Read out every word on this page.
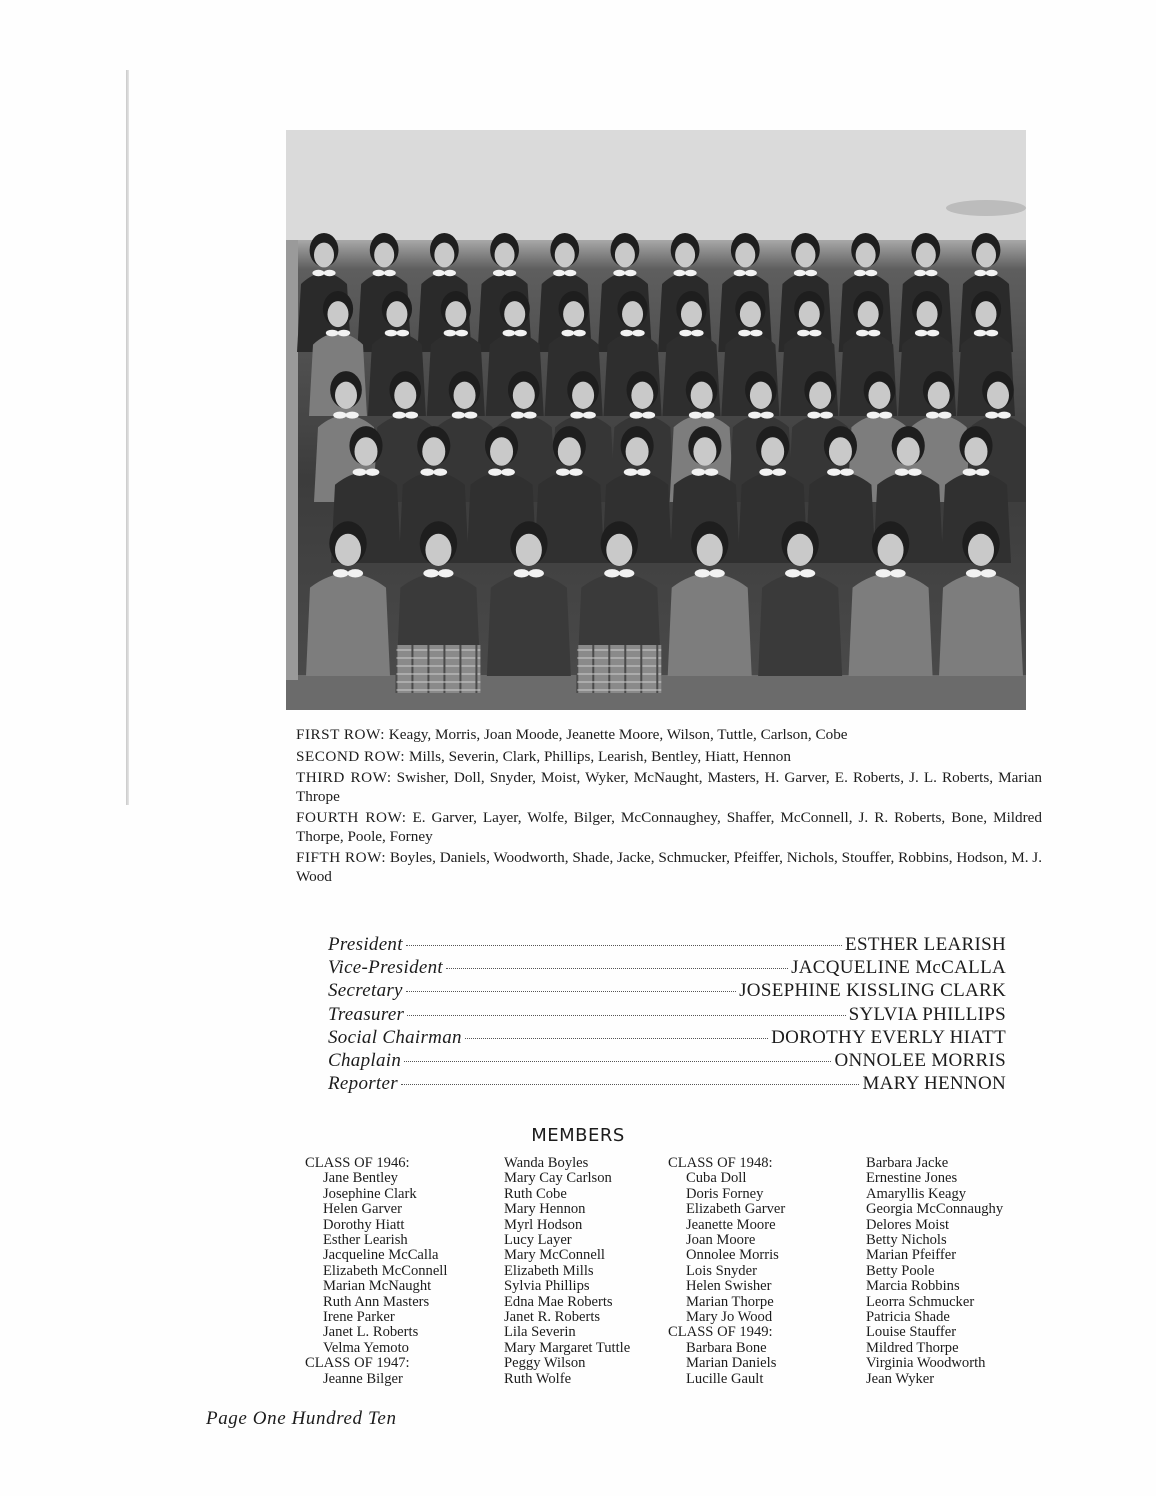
FIRST ROW: Keagy, Morris, Joan Moode, Jeanette Moore, Wilson, Tuttle, Carlson, Cobe

SECOND ROW: Mills, Severin, Clark, Phillips, Learish, Bentley, Hiatt, Hennon

THIRD ROW: Swisher, Doll, Snyder, Moist, Wyker, McNaught, Masters, H. Garver, E. Roberts, J. L. Roberts, Marian Thrope

FOURTH ROW: E. Garver, Layer, Wolfe, Bilger, McConnaughey, Shaffer, McConnell, J. R. Roberts, Bone, Mildred Thorpe, Poole, Forney

FIFTH ROW: Boyles, Daniels, Woodworth, Shade, Jacke, Schmucker, Pfeiffer, Nichols, Stouffer, Robbins, Hodson, M. J. Wood

President	ESTHER LEARISH
Vice-President	JACQUELINE McCALLA
Secretary	JOSEPHINE KISSLING CLARK
Treasurer	SYLVIA PHILLIPS
Social Chairman	DOROTHY EVERLY HIATT
Chaplain	ONNOLEE MORRIS
Reporter	MARY HENNON
MEMBERS
CLASS OF 1946:
Jane Bentley
Josephine Clark
Helen Garver
Dorothy Hiatt
Esther Learish
Jacqueline McCalla
Elizabeth McConnell
Marian McNaught
Ruth Ann Masters
Irene Parker
Janet L. Roberts
Velma Yemoto
CLASS OF 1947:
Jeanne Bilger
Wanda Boyles
Mary Cay Carlson
Ruth Cobe
Mary Hennon
Myrl Hodson
Lucy Layer
Mary McConnell
Elizabeth Mills
Sylvia Phillips
Edna Mae Roberts
Janet R. Roberts
Lila Severin
Mary Margaret Tuttle
Peggy Wilson
Ruth Wolfe
CLASS OF 1948:
Cuba Doll
Doris Forney
Elizabeth Garver
Jeanette Moore
Joan Moore
Onnolee Morris
Lois Snyder
Helen Swisher
Marian Thorpe
Mary Jo Wood
CLASS OF 1949:
Barbara Bone
Marian Daniels
Lucille Gault
Barbara Jacke
Ernestine Jones
Amaryllis Keagy
Georgia McConnaughy
Delores Moist
Betty Nichols
Marian Pfeiffer
Betty Poole
Marcia Robbins
Leorra Schmucker
Patricia Shade
Louise Stauffer
Mildred Thorpe
Virginia Woodworth
Jean Wyker
Page One Hundred Ten
